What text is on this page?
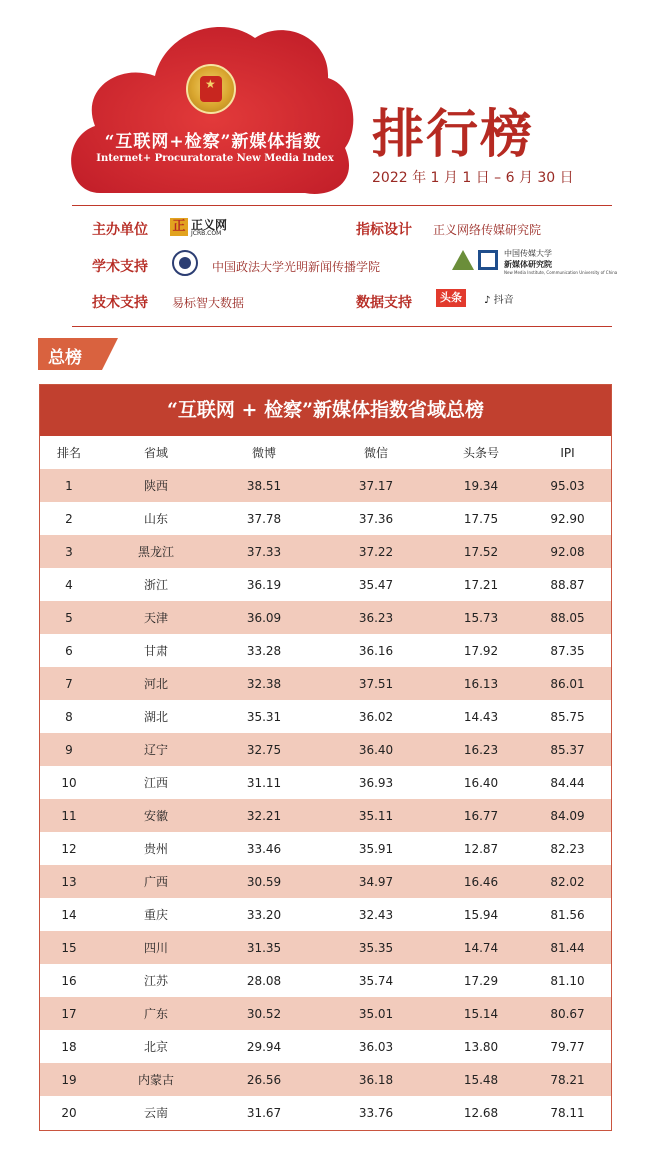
★
“互联网+检察”新媒体指数
Internet+ Procuratorate New Media Index 排行榜
2022 年 1 月 1 日 – 6 月 30 日
主办单位 正 正义网
JCRB.COM	指标设计 正义网络传媒研究院
学术支持	中国政法大学光明新闻传播学院
中国传媒大学
新媒体研究院
New Media Institute, Communication University of China
技术支持 易标智大数据	数据支持	头条	♪ 抖音
总榜
“互联网 + 检察”新媒体指数省域总榜
排名	省域	微博	微信	头条号	IPI
1	陕西	38.51	37.17	19.34	95.03
2	山东	37.78	37.36	17.75	92.90
3	黑龙江	37.33	37.22	17.52	92.08
4	浙江	36.19	35.47	17.21	88.87
5	天津	36.09	36.23	15.73	88.05
6	甘肃	33.28	36.16	17.92	87.35
7	河北	32.38	37.51	16.13	86.01
8	湖北	35.31	36.02	14.43	85.75
9	辽宁	32.75	36.40	16.23	85.37
10	江西	31.11	36.93	16.40	84.44
11	安徽	32.21	35.11	16.77	84.09
12	贵州	33.46	35.91	12.87	82.23
13	广西	30.59	34.97	16.46	82.02
14	重庆	33.20	32.43	15.94	81.56
15	四川	31.35	35.35	14.74	81.44
16	江苏	28.08	35.74	17.29	81.10
17	广东	30.52	35.01	15.14	80.67
18	北京	29.94	36.03	13.80	79.77
19	内蒙古	26.56	36.18	15.48	78.21
20	云南	31.67	33.76	12.68	78.11
